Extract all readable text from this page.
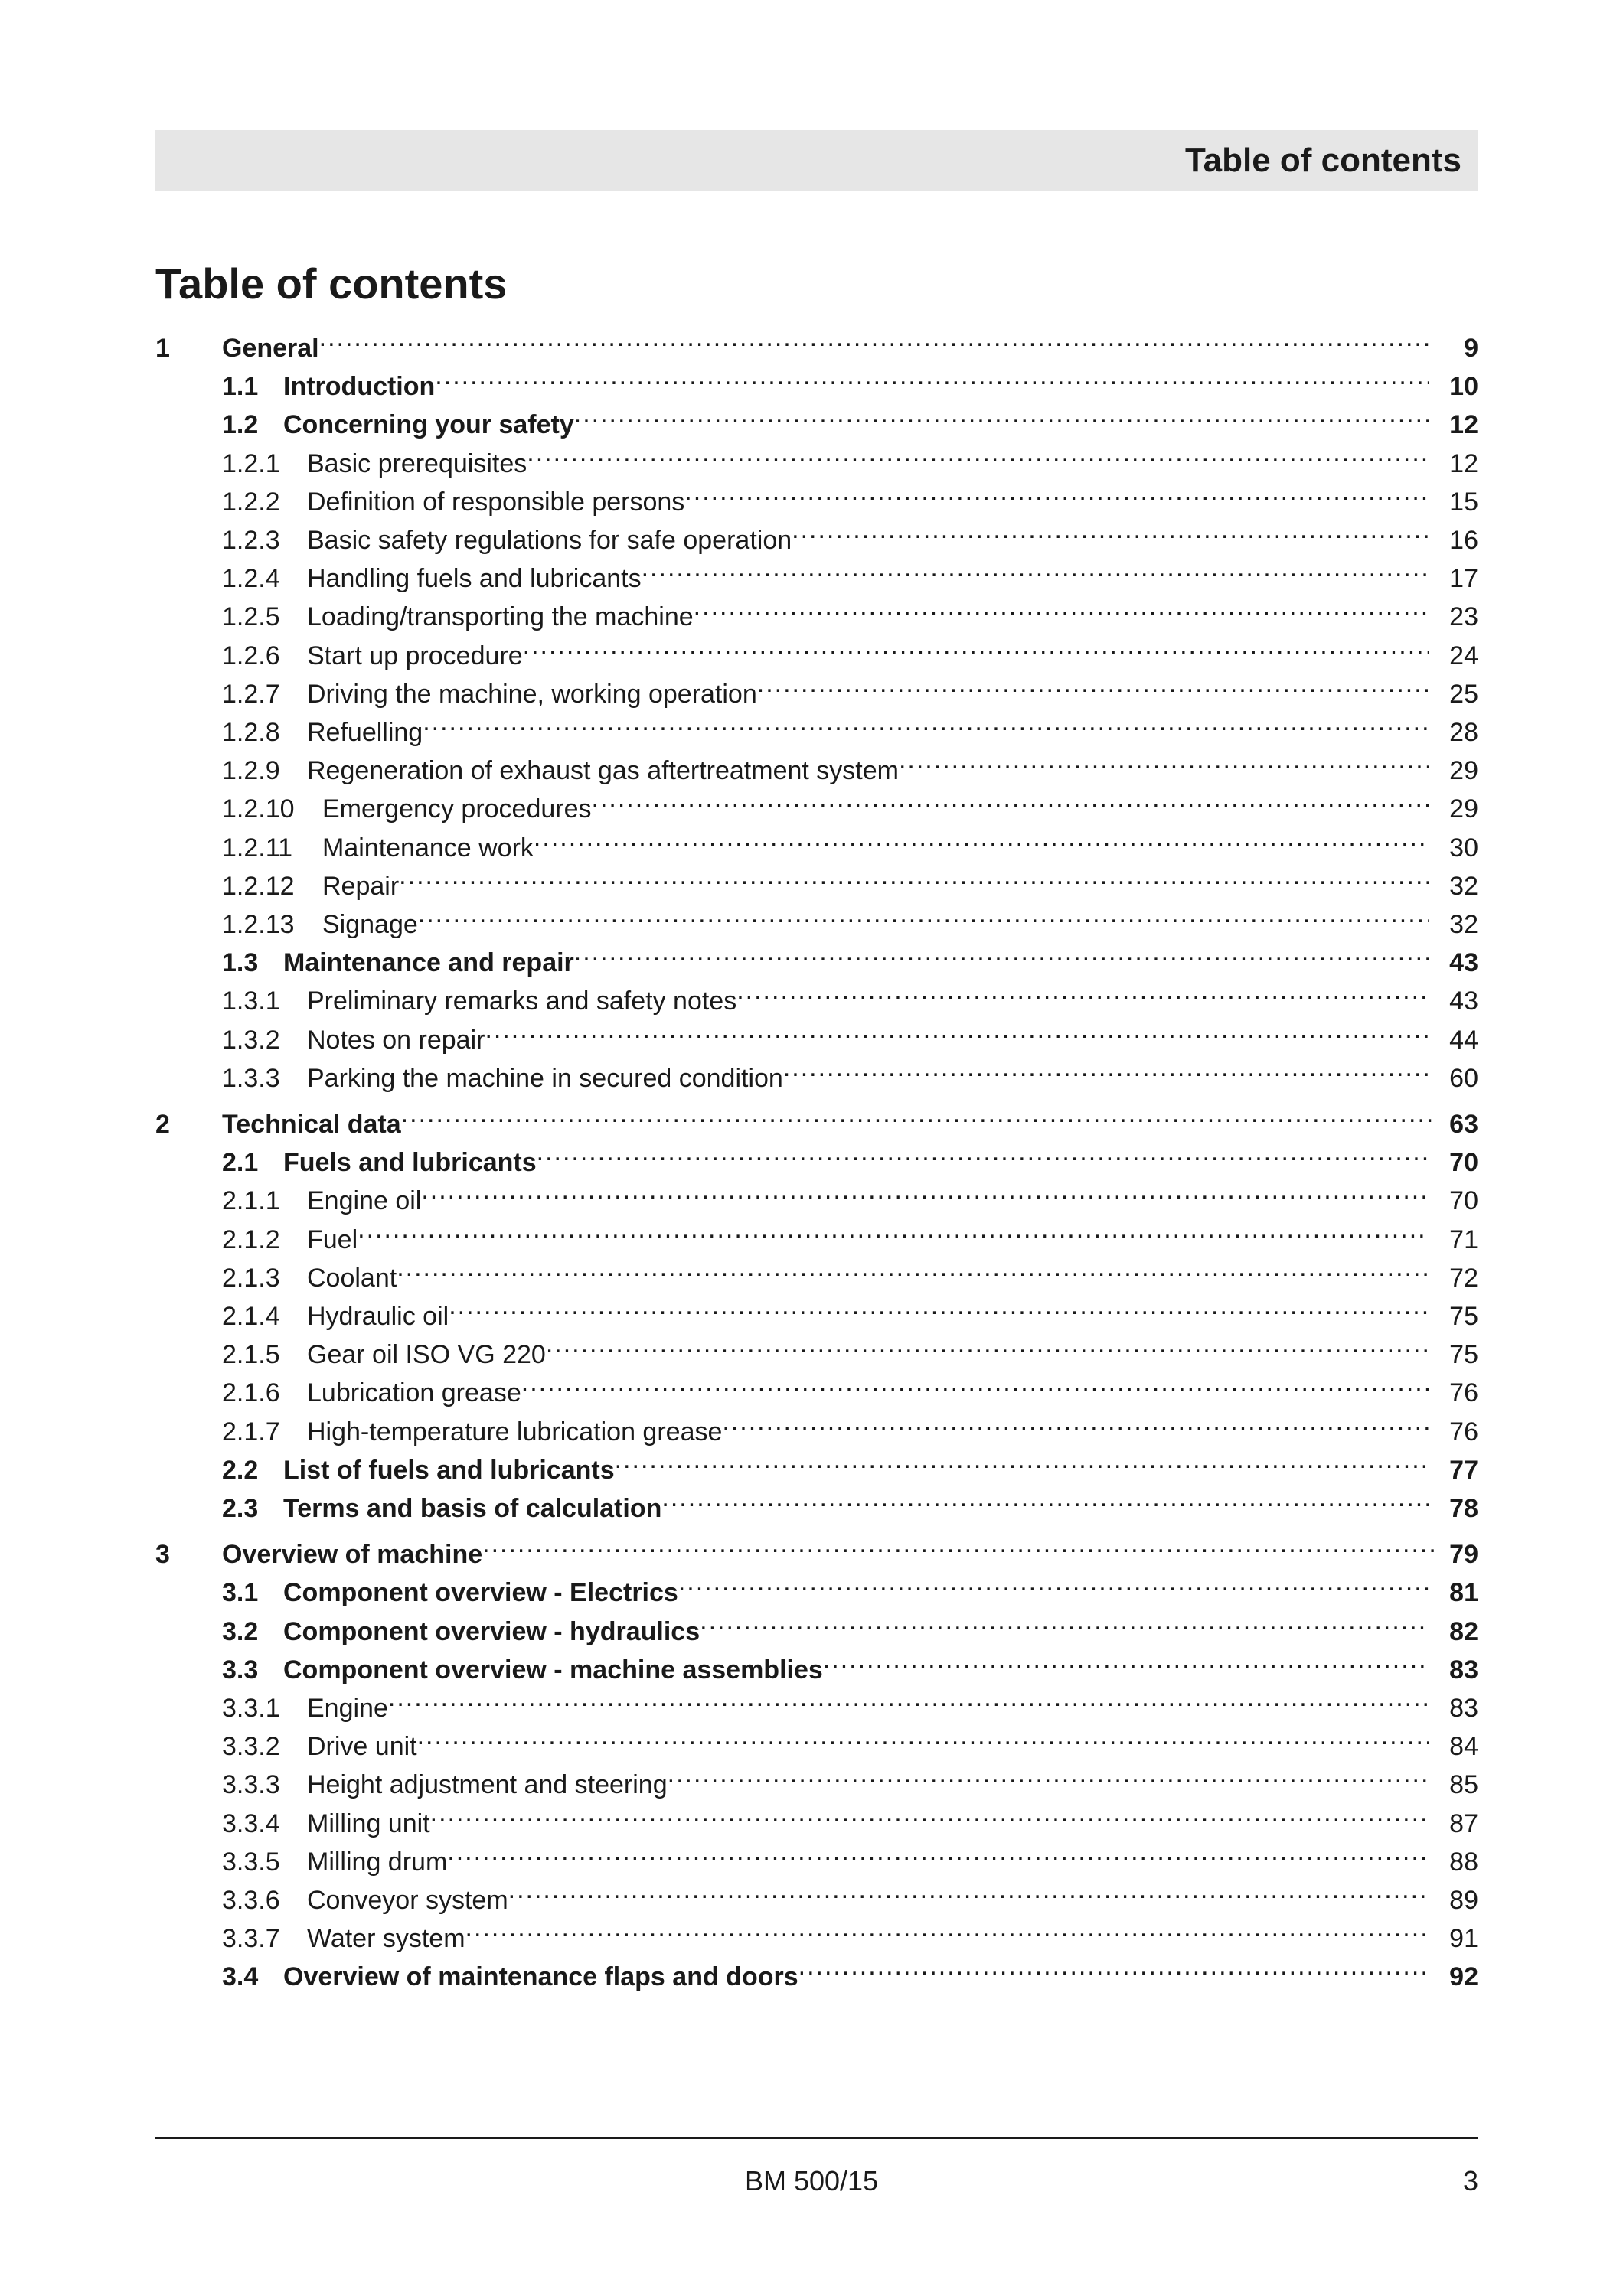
Table of contents
Table of contents
1	General .....	9
1.1 Introduction .....	10
1.2 Concerning your safety .....	12
1.2.1	Basic prerequisites .....	12
1.2.2	Definition of responsible persons .....	15
1.2.3	Basic safety regulations for safe operation .....	16
1.2.4	Handling fuels and lubricants .....	17
1.2.5	Loading/transporting the machine .....	23
1.2.6	Start up procedure .....	24
1.2.7	Driving the machine, working operation .....	25
1.2.8	Refuelling .....	28
1.2.9	Regeneration of exhaust gas aftertreatment system .....	29
1.2.10	Emergency procedures .....	29
1.2.11	Maintenance work .....	30
1.2.12	Repair .....	32
1.2.13	Signage .....	32
1.3 Maintenance and repair .....	43
1.3.1	Preliminary remarks and safety notes .....	43
1.3.2	Notes on repair .....	44
1.3.3	Parking the machine in secured condition .....	60
2	Technical data .....	63
2.1 Fuels and lubricants .....	70
2.1.1	Engine oil .....	70
2.1.2	Fuel .....	71
2.1.3	Coolant .....	72
2.1.4	Hydraulic oil .....	75
2.1.5	Gear oil ISO VG 220 .....	75
2.1.6	Lubrication grease .....	76
2.1.7	High-temperature lubrication grease .....	76
2.2 List of fuels and lubricants .....	77
2.3 Terms and basis of calculation .....	78
3	Overview of machine .....	79
3.1 Component overview - Electrics .....	81
3.2 Component overview - hydraulics .....	82
3.3 Component overview - machine assemblies .....	83
3.3.1	Engine .....	83
3.3.2	Drive unit .....	84
3.3.3	Height adjustment and steering .....	85
3.3.4	Milling unit .....	87
3.3.5	Milling drum .....	88
3.3.6	Conveyor system .....	89
3.3.7	Water system .....	91
3.4 Overview of maintenance flaps and doors .....	92
BM 500/15	3
